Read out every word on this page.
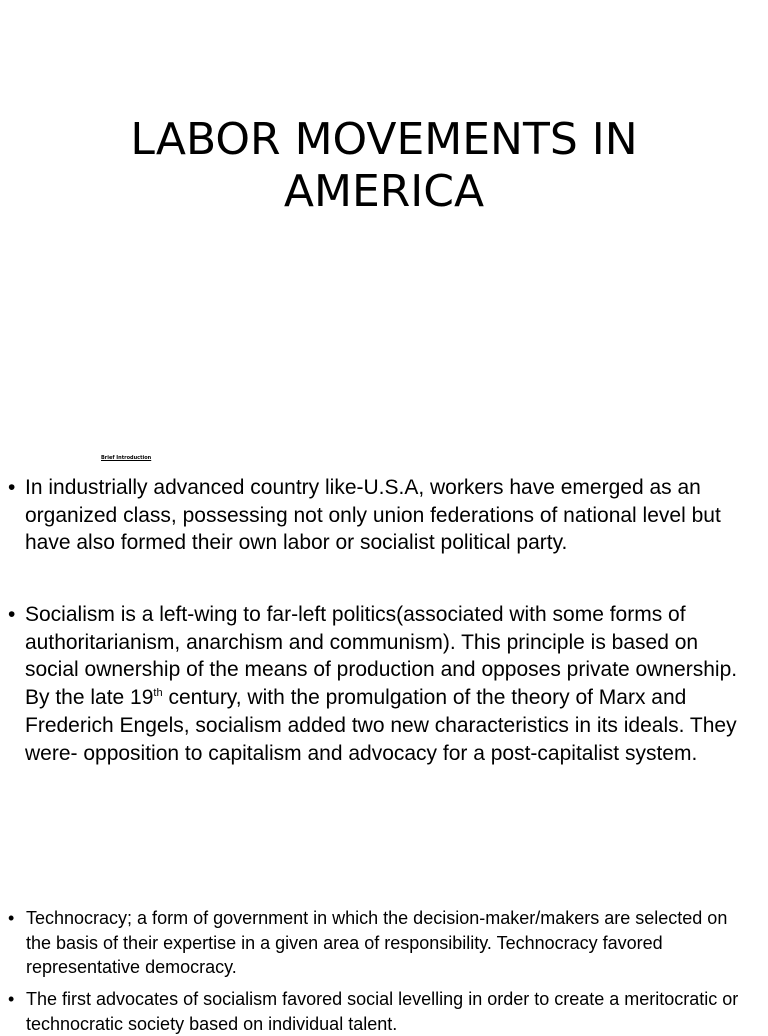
LABOR MOVEMENTS IN
AMERICA
Brief Introduction
• In industrially advanced country like-U.S.A, workers have emerged as an organized class, possessing not only union federations of national level but have also formed their own labor or socialist political party.
• Socialism is a left-wing to far-left politics(associated with some forms of authoritarianism, anarchism and communism). This principle is based on social ownership of the means of production and opposes private ownership. By the late 19th century, with the promulgation of the theory of Marx and Frederich Engels, socialism added two new characteristics in its ideals. They were- opposition to capitalism and advocacy for a post-capitalist system.
• Technocracy; a form of government in which the decision-maker/makers are selected on the basis of their expertise in a given area of responsibility. Technocracy favored representative democracy.
• The first advocates of socialism favored social levelling in order to create a meritocratic or technocratic society based on individual talent.
